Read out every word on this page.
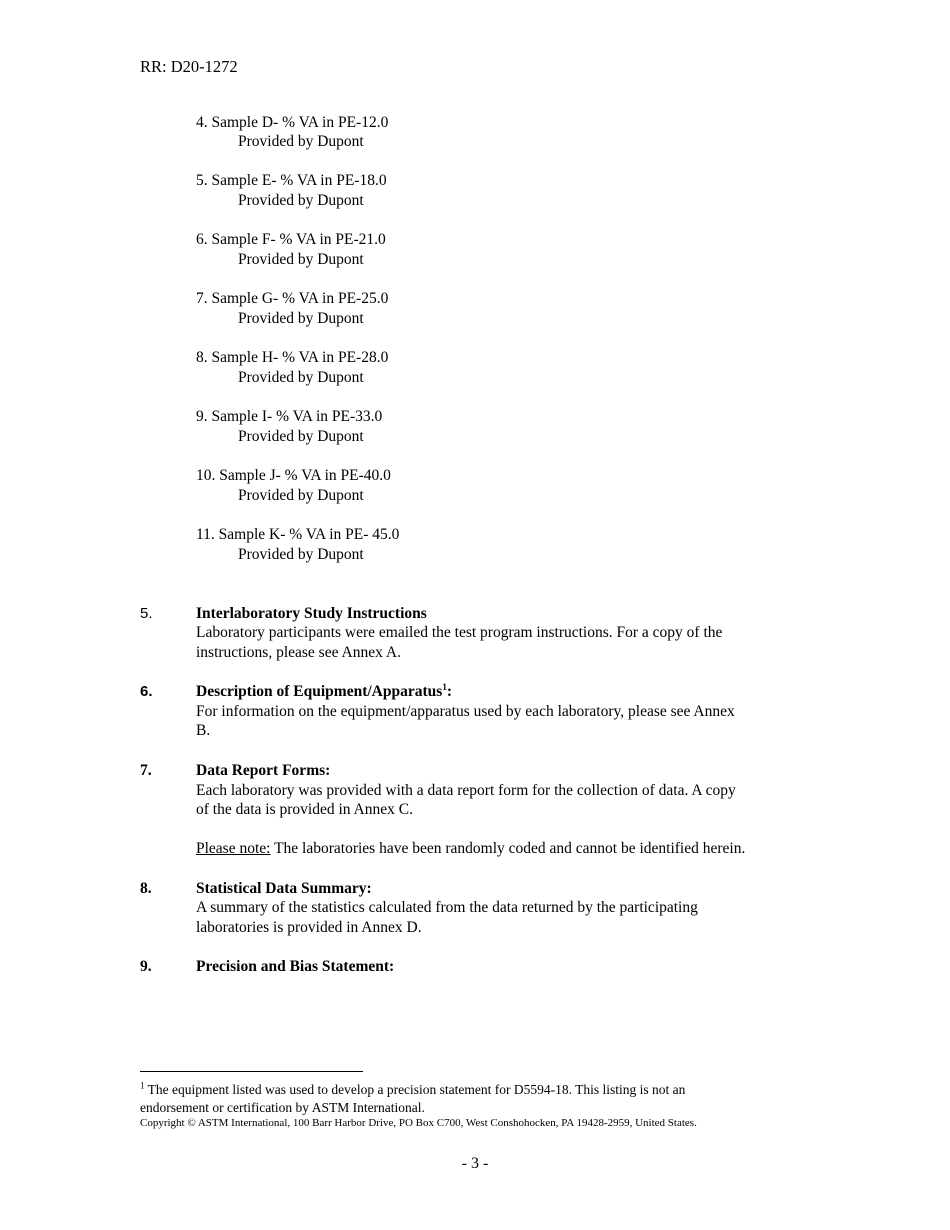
RR: D20-1272
4. Sample D- % VA in PE-12.0
Provided by Dupont
5. Sample E- % VA in PE-18.0
Provided by Dupont
6. Sample F- % VA in PE-21.0
Provided by Dupont
7. Sample G- % VA in PE-25.0
Provided by Dupont
8. Sample H- % VA in PE-28.0
Provided by Dupont
9. Sample I- % VA in PE-33.0
Provided by Dupont
10. Sample J- % VA in PE-40.0
Provided by Dupont
11. Sample K- % VA in PE- 45.0
Provided by Dupont
5.	Interlaboratory Study Instructions
Laboratory participants were emailed the test program instructions. For a copy of the
instructions, please see Annex A.
6.	Description of Equipment/Apparatus$^1$:
For information on the equipment/apparatus used by each laboratory, please see Annex
B.
7.	Data Report Forms:
Each laboratory was provided with a data report form for the collection of data. A copy
of the data is provided in Annex C.
Please note: The laboratories have been randomly coded and cannot be identified herein.
8.	Statistical Data Summary:
A summary of the statistics calculated from the data returned by the participating
laboratories is provided in Annex D.
9.	Precision and Bias Statement:
$^1$ The equipment listed was used to develop a precision statement for D5594-18. This listing is not an
endorsement or certification by ASTM International.
Copyright © ASTM International, 100 Barr Harbor Drive, PO Box C700, West Conshohocken, PA 19428-2959, United States.
- 3 -
